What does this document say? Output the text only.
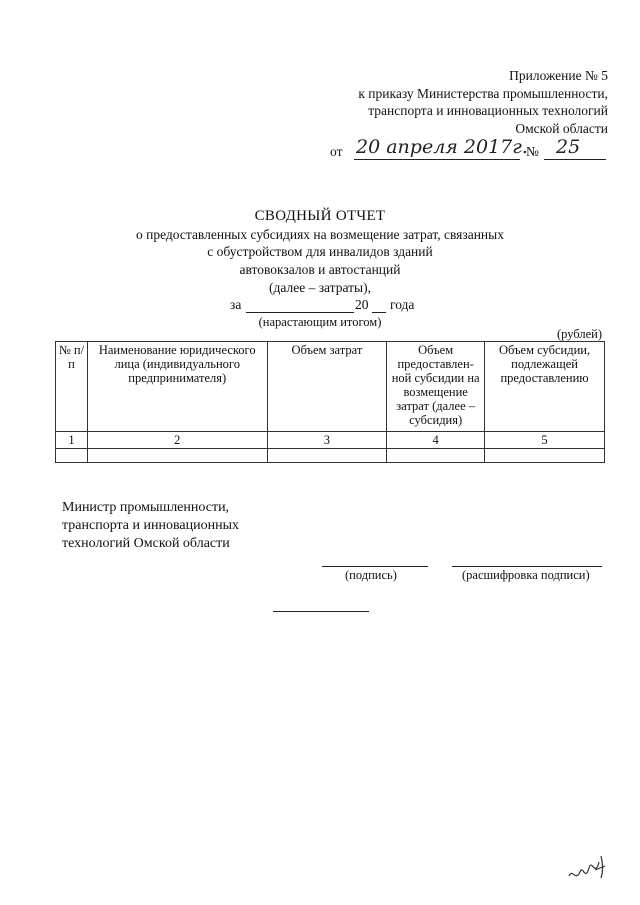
Приложение № 5
к приказу Министерства промышленности,
транспорта и инновационных технологий
Омской области
от 20 апреля 2017г.
№ 25
СВОДНЫЙ ОТЧЕТ
о предоставленных субсидиях на возмещение затрат, связанных
с обустройством для инвалидов зданий
автовокзалов и автостанций
(далее – затраты),
за	20 года
(нарастающим итогом)
(рублей)
№ п/п	Наименование юридического лица (индивидуального предпринимателя)	Объем затрат	Объем предоставлен-ной субсидии на возмещение затрат (далее – субсидия)	Объем субсидии, подлежащей предоставлению
1	2	3	4	5

Министр промышленности, транспорта и инновационных технологий Омской области
(подпись)	(расшифровка подписи)
